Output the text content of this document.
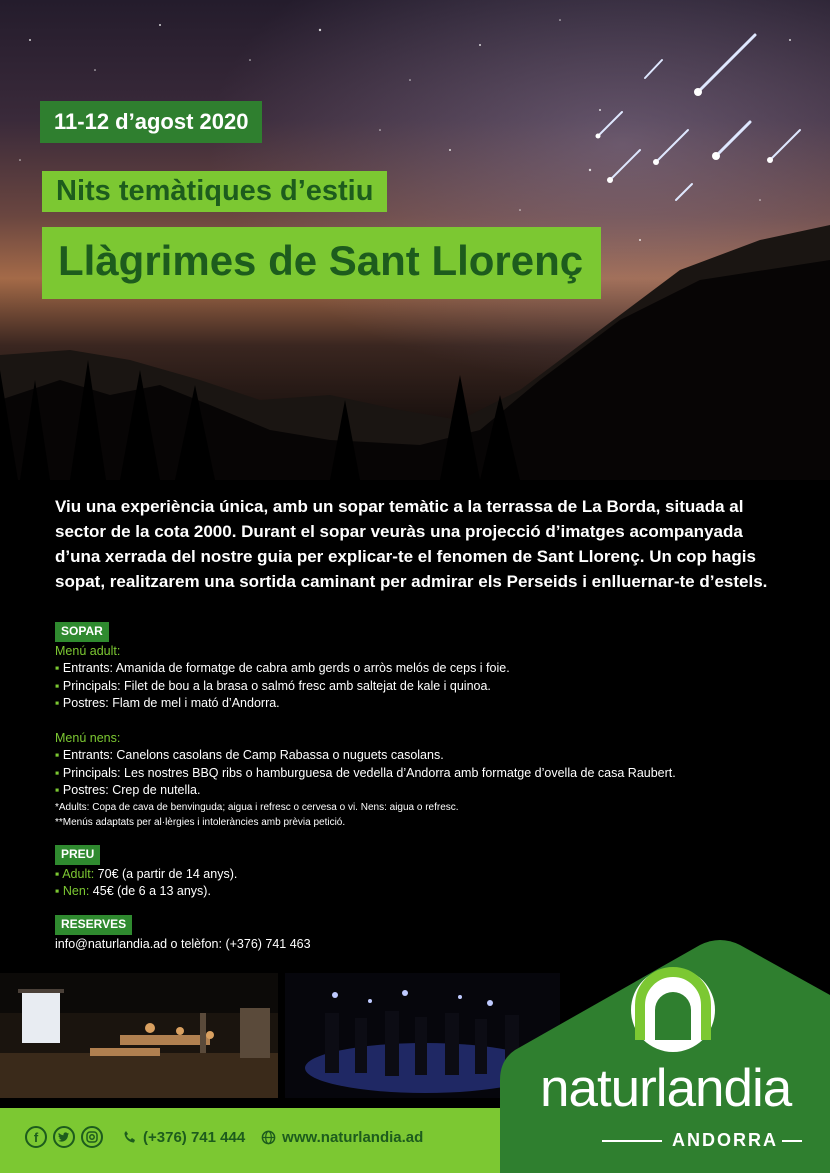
11-12 d’agost 2020
Nits temàtiques d’estiu
Llàgrimes de Sant Llorenç
Viu una experiència única, amb un sopar temàtic a la terrassa de La Borda, situada al sector de la cota 2000. Durant el sopar veuràs una projecció d’imatges acompanyada d’una xerrada del nostre guia per explicar-te el fenomen de Sant Llorenç. Un cop hagis sopat, realitzarem una sortida caminant per admirar els Perseids i enlluernar-te d’estels.
SOPAR
Menú adult:
▪ Entrants: Amanida de formatge de cabra amb gerds o arròs melós de ceps i foie.
▪ Principals: Filet de bou a la brasa o salmó fresc amb saltejat de kale i quinoa.
▪ Postres: Flam de mel i mató d’Andorra.
Menú nens:
▪ Entrants: Canelons casolans de Camp Rabassa o nuguets casolans.
▪ Principals: Les nostres BBQ ribs o hamburguesa de vedella d’Andorra amb formatge d’ovella de casa Raubert.
▪ Postres: Crep de nutella.
*Adults: Copa de cava de benvinguda; aigua i refresc o cervesa o vi. Nens: aigua o refresc.
**Menús adaptats per al·lèrgies i intoleràncies amb prèvia petició.
PREU
▪ Adult: 70€ (a partir de 14 anys).
▪ Nen: 45€ (de 6 a 13 anys).
RESERVES
info@naturlandia.ad o telèfon: (+376) 741 463
f	(+376) 741 444 www.naturlandia.ad
naturlandia
ANDORRA
